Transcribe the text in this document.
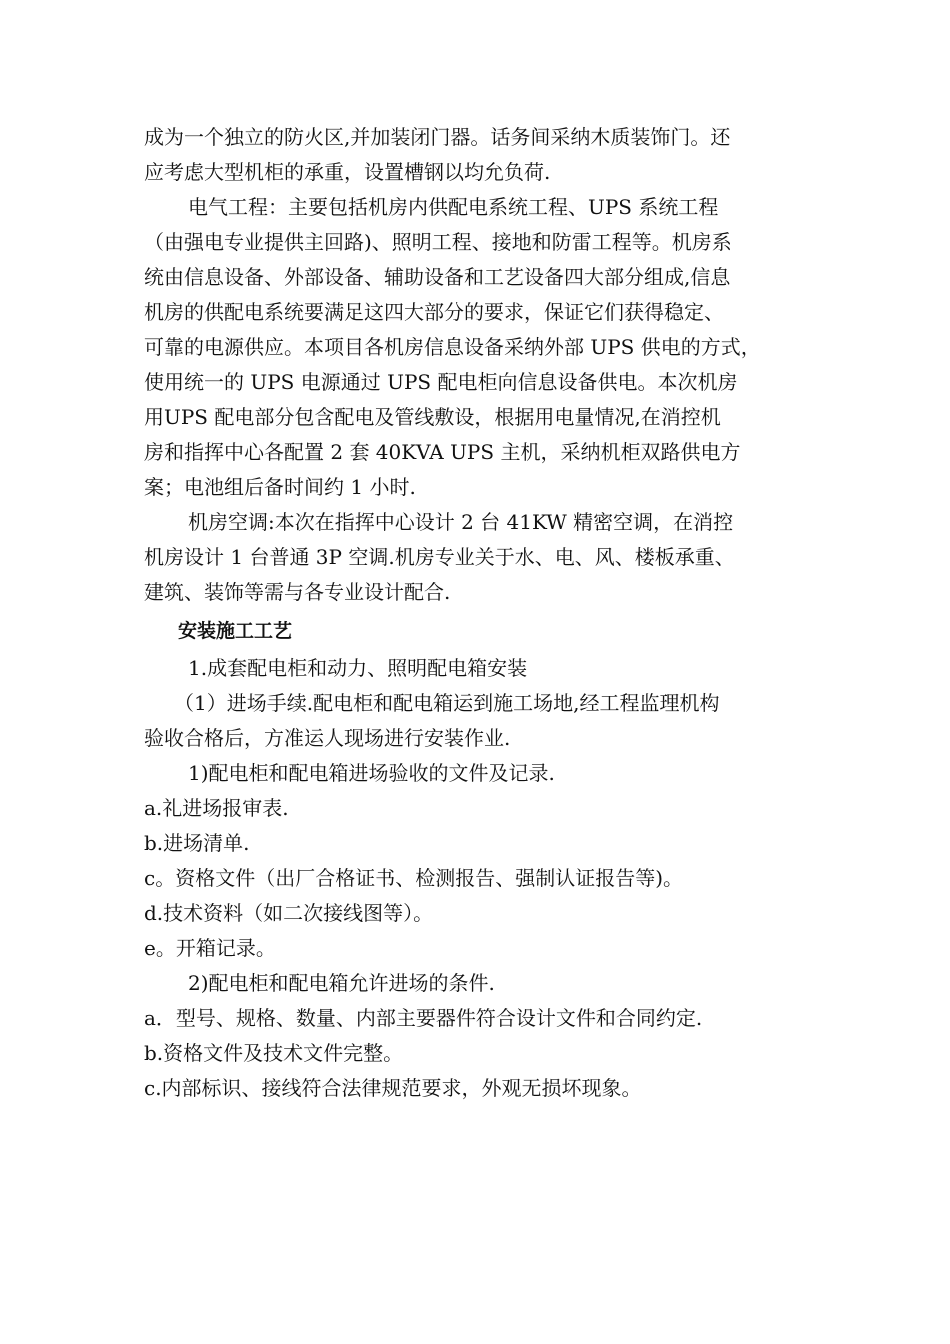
成为一个独立的防火区,并加装闭门器。话务间采纳木质装饰门。还
应考虑大型机柜的承重，设置槽钢以均允负荷.
电气工程：主要包括机房内供配电系统工程、UPS 系统工程
（由强电专业提供主回路)、照明工程、接地和防雷工程等。机房系
统由信息设备、外部设备、辅助设备和工艺设备四大部分组成,信息
机房的供配电系统要满足这四大部分的要求，保证它们获得稳定、
可靠的电源供应。本项目各机房信息设备采纳外部 UPS 供电的方式，
使用统一的 UPS 电源通过 UPS 配电柜向信息设备供电。本次机房
用UPS 配电部分包含配电及管线敷设，根据用电量情况,在消控机
房和指挥中心各配置 2 套 40KVA UPS 主机，采纳机柜双路供电方
案；电池组后备时间约 1 小时.
机房空调:本次在指挥中心设计 2 台 41KW 精密空调，在消控
机房设计 1 台普通 3P 空调.机房专业关于水、电、风、楼板承重、
建筑、装饰等需与各专业设计配合.
安装施工工艺
1.成套配电柜和动力、照明配电箱安装
（1）进场手续.配电柜和配电箱运到施工场地,经工程监理机构
验收合格后，方准运人现场进行安装作业.
1)配电柜和配电箱进场验收的文件及记录.
a.礼进场报审表.
b.进场清单.
c。资格文件（出厂合格证书、检测报告、强制认证报告等)。
d.技术资料（如二次接线图等）。
e。开箱记录。
2)配电柜和配电箱允许进场的条件.
a．型号、规格、数量、内部主要器件符合设计文件和合同约定.
b.资格文件及技术文件完整。
c.内部标识、接线符合法律规范要求，外观无损坏现象。
